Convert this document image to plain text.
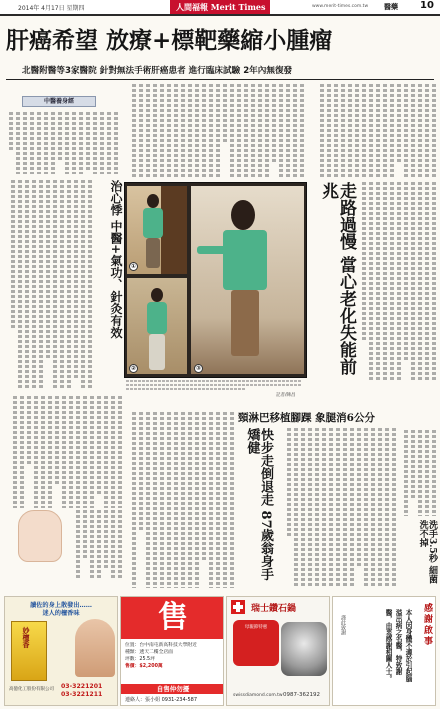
2014年 4月17日 星期四	人間福報 Merit Times	www.merit-times.com.tw 醫藥 10
肝癌希望 放療+標靶藥縮小腫瘤
北醫附醫等3家醫院 針對無法手術肝癌患者 進行臨床試驗 2年內無復發
中醫養身經
治心悸 中醫+氣功、針灸有效	①
②	③
記者/陳昌
走路過慢 當心老化失能前兆
頸淋巴移植腳踝 象腿消6公分
快步走倒退走 87歲翁身手矯健
洗手3.5秒 細菌洗不掉
讀佐的身上散發出……
迷人的檀香味
妙檀香
03-3221201
03-3221211
高億化工股份有限公司
售
位置：台中南屯新高科技大學附近
種類：透天二樓全店面
坪數：25.5坪
售價：$2,200萬
自售仲勿擾
連絡人：張小姐 0931-234-587
瑞士鑽石鍋
母親節特惠
swissdiamond.com.tw 0987-362192
感謝啟事
本人因身體不適於引起腦溢出病之名醫，特致謝醫，由衷感謝相關人士。
謹此致謝
